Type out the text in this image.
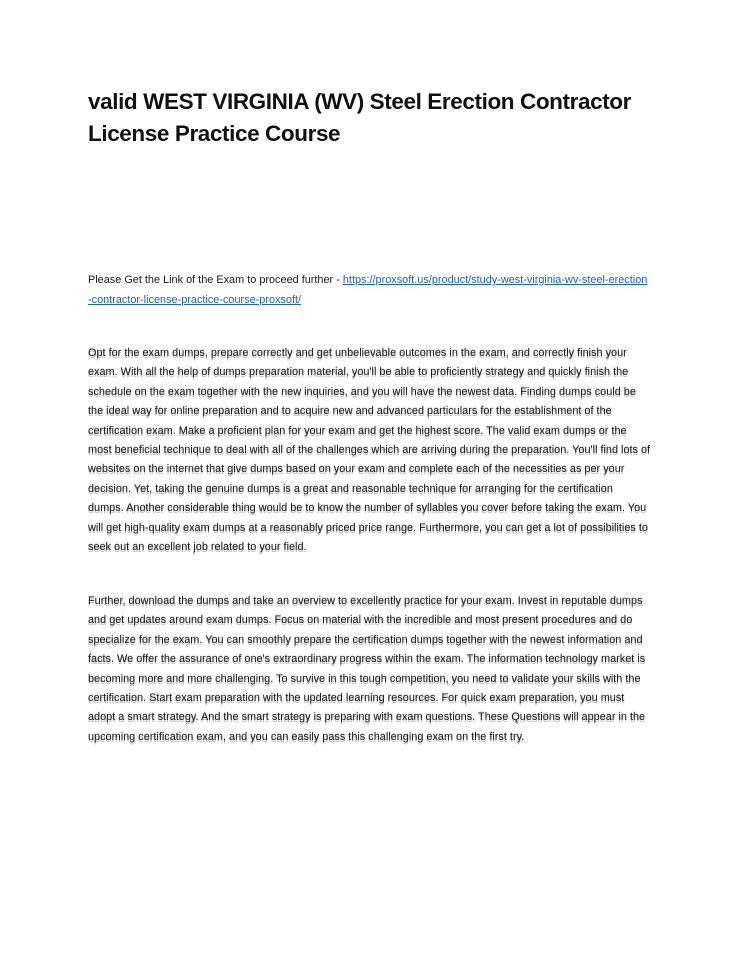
valid WEST VIRGINIA (WV) Steel Erection Contractor License Practice Course

Please Get the Link of the Exam to proceed further - https://proxsoft.us/product/study-west-virginia-wv-steel-erection-contractor-license-practice-course-proxsoft/

Opt for the exam dumps, prepare correctly and get unbelievable outcomes in the exam, and correctly finish your exam. With all the help of dumps preparation material, you'll be able to proficiently strategy and quickly finish the schedule on the exam together with the new inquiries, and you will have the newest data. Finding dumps could be the ideal way for online preparation and to acquire new and advanced particulars for the establishment of the certification exam. Make a proficient plan for your exam and get the highest score. The valid exam dumps or the most beneficial technique to deal with all of the challenges which are arriving during the preparation. You'll find lots of websites on the internet that give dumps based on your exam and complete each of the necessities as per your decision. Yet, taking the genuine dumps is a great and reasonable technique for arranging for the certification dumps. Another considerable thing would be to know the number of syllables you cover before taking the exam. You will get high-quality exam dumps at a reasonably priced price range. Furthermore, you can get a lot of possibilities to seek out an excellent job related to your field.

Further, download the dumps and take an overview to excellently practice for your exam. Invest in reputable dumps and get updates around exam dumps. Focus on material with the incredible and most present procedures and do specialize for the exam. You can smoothly prepare the certification dumps together with the newest information and facts. We offer the assurance of one's extraordinary progress within the exam. The information technology market is becoming more and more challenging. To survive in this tough competition, you need to validate your skills with the certification. Start exam preparation with the updated learning resources. For quick exam preparation, you must adopt a smart strategy. And the smart strategy is preparing with exam questions. These Questions will appear in the upcoming certification exam, and you can easily pass this challenging exam on the first try.
